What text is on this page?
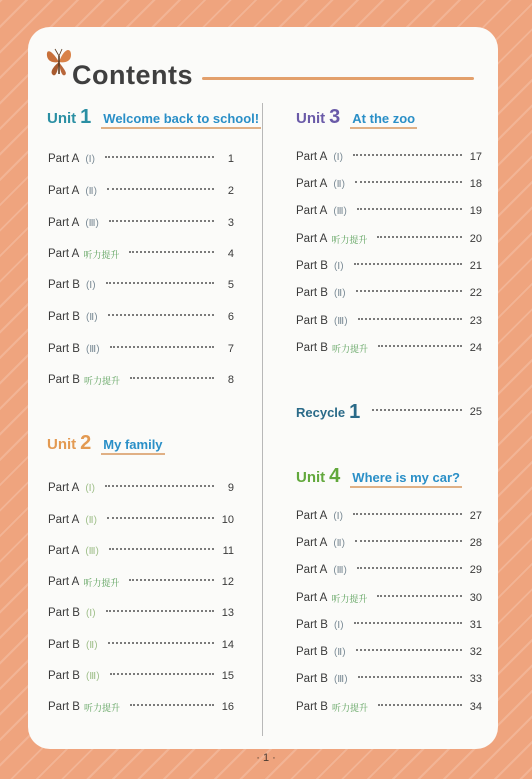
Contents
Unit 1 Welcome back to school!
Part A (Ⅰ)	1
Part A (Ⅱ)	2
Part A (Ⅲ)	3
Part A 听力提升	4
Part B (Ⅰ)	5
Part B (Ⅱ)	6
Part B (Ⅲ)	7
Part B 听力提升	8
Unit 2 My family
Part A (Ⅰ)	9
Part A (Ⅱ)	10
Part A (Ⅲ)	11
Part A 听力提升	12
Part B (Ⅰ)	13
Part B (Ⅱ)	14
Part B (Ⅲ)	15
Part B 听力提升	16
Unit 3 At the zoo
Part A (Ⅰ)	17
Part A (Ⅱ)	18
Part A (Ⅲ)	19
Part A 听力提升	20
Part B (Ⅰ)	21
Part B (Ⅱ)	22
Part B (Ⅲ)	23
Part B 听力提升	24
Recycle 1	25
Unit 4 Where is my car?
Part A (Ⅰ)	27
Part A (Ⅱ)	28
Part A (Ⅲ)	29
Part A 听力提升	30
Part B (Ⅰ)	31
Part B (Ⅱ)	32
Part B (Ⅲ)	33
Part B 听力提升	34
· 1 ·
